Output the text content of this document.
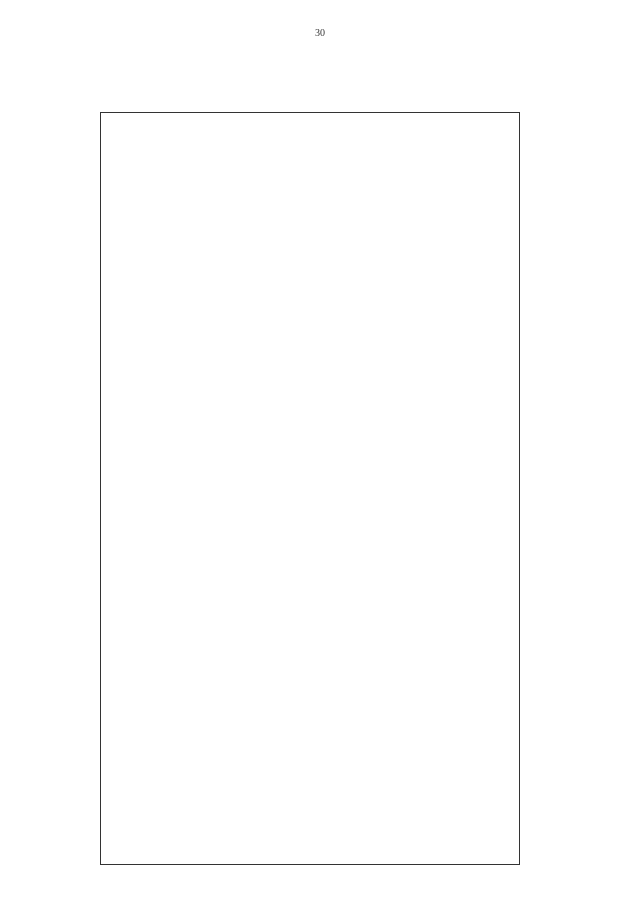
30
